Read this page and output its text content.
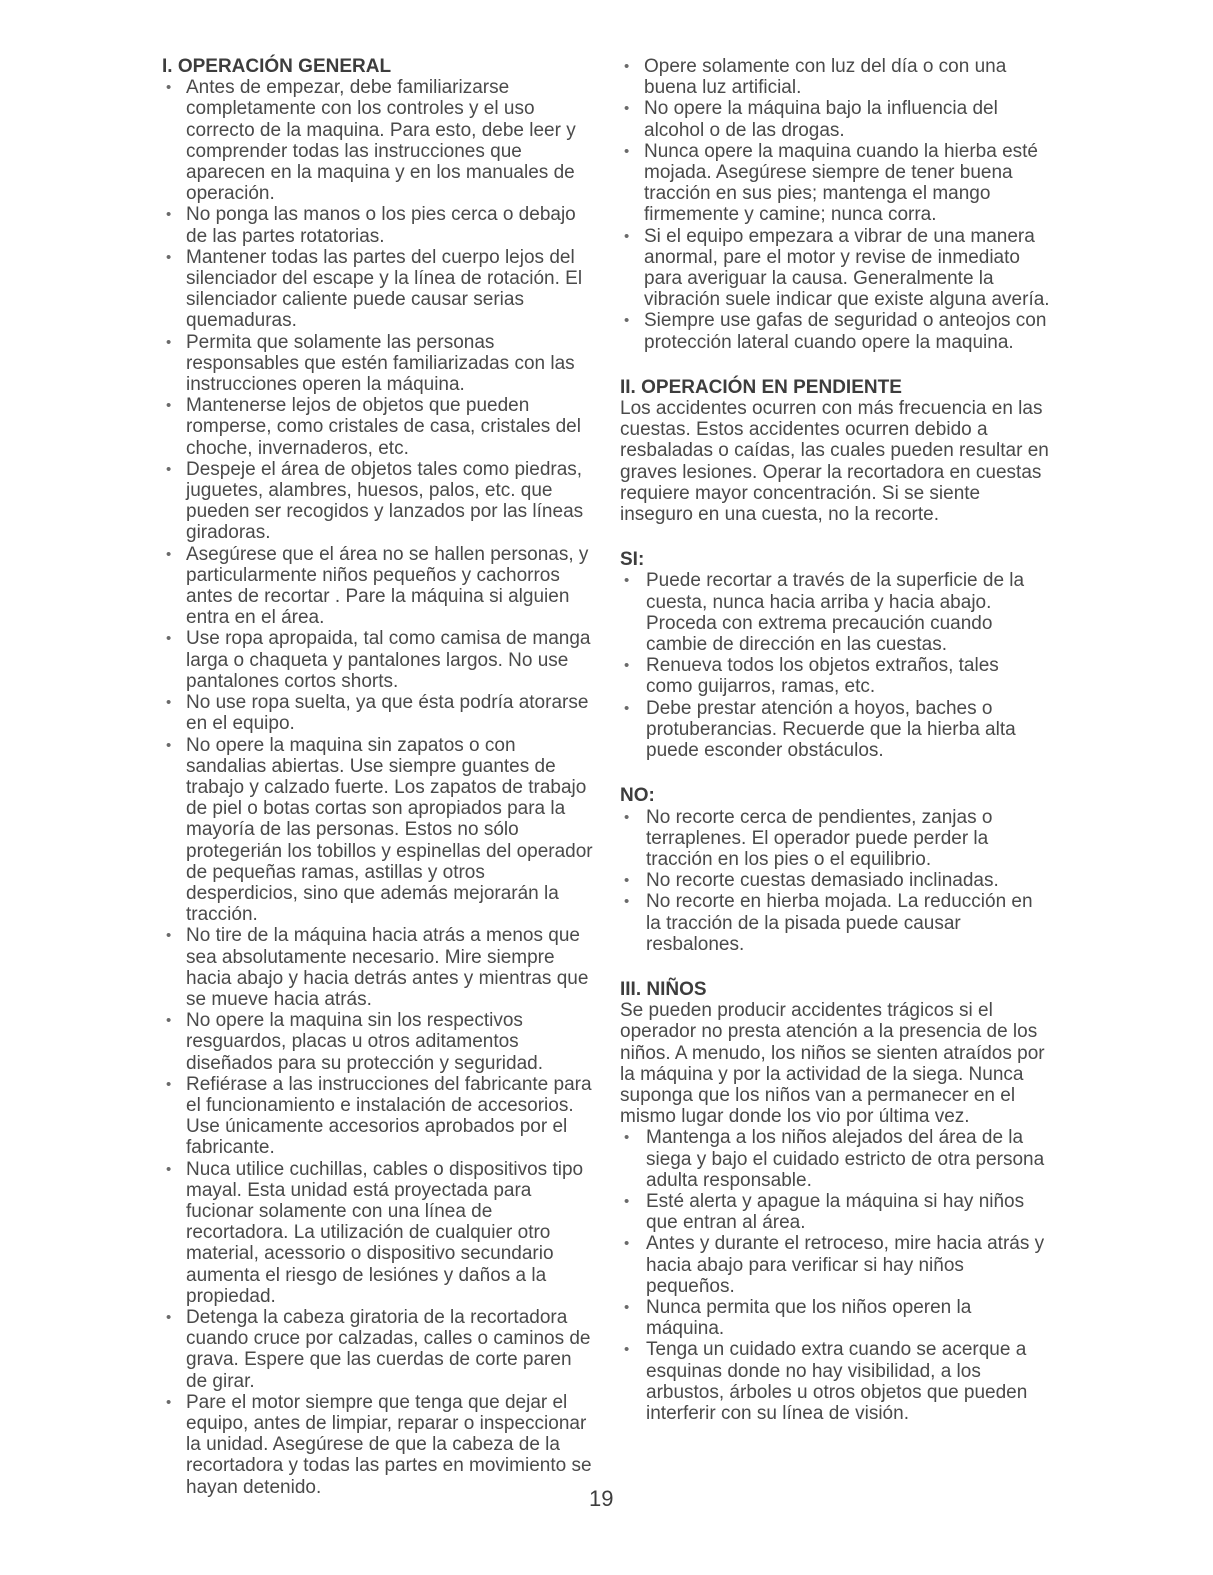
I. OPERACIÓN GENERAL
• Antes de empezar, debe familiarizarse completamente con los controles y el uso correcto de la maquina. Para esto, debe leer y comprender todas las instrucciones que aparecen en la maquina y en los manuales de operación.
• No ponga las manos o los pies cerca o debajo de las partes rotatorias.
• Mantener todas las partes del cuerpo lejos del silenciador del escape y la línea de rotación. El silenciador caliente puede causar serias quemaduras.
• Permita que solamente las personas responsables que estén familiarizadas con las instrucciones operen la máquina.
• Mantenerse lejos de objetos que pueden romperse, como cristales de casa, cristales del choche, invernaderos, etc.
• Despeje el área de objetos tales como piedras, juguetes, alambres, huesos, palos, etc. que pueden ser recogidos y lanzados por las líneas giradoras.
• Asegúrese que el área no se hallen personas, y particularmente niños pequeños y cachorros antes de recortar . Pare la máquina si alguien entra en el área.
• Use ropa apropaida, tal como camisa de manga larga o chaqueta y pantalones largos. No use pantalones cortos shorts.
• No use ropa suelta, ya que ésta podría atorarse en el equipo.
• No opere la maquina sin zapatos o con sandalias abiertas. Use siempre guantes de trabajo y calzado fuerte. Los zapatos de trabajo de piel o botas cortas son apropiados para la mayoría de las personas. Estos no sólo protegerián los tobillos y espinellas del operador de pequeñas ramas, astillas y otros desperdicios, sino que además mejorarán la tracción.
• No tire de la máquina hacia atrás a menos que sea absolutamente necesario. Mire siempre hacia abajo y hacia detrás antes y mientras que se mueve hacia atrás.
• No opere la maquina sin los respectivos resguardos, placas u otros aditamentos diseñados para su protección y seguridad.
• Refiérase a las instrucciones del fabricante para el funcionamiento e instalación de accesorios. Use únicamente accesorios aprobados por el fabricante.
• Nuca utilice cuchillas, cables o dispositivos tipo mayal. Esta unidad está proyectada para fucionar solamente con una línea de recortadora. La utilización de cualquier otro material, acessorio o dispositivo secundario aumenta el riesgo de lesiónes y daños a la propiedad.
• Detenga la cabeza giratoria de la recortadora cuando cruce por calzadas, calles o caminos de grava. Espere que las cuerdas de corte paren de girar.
• Pare el motor siempre que tenga que dejar el equipo, antes de limpiar, reparar o inspeccionar la unidad. Asegúrese de que la cabeza de la recortadora y todas las partes en movimiento se hayan detenido.
• Opere solamente con luz del día o con una buena luz artificial.
• No opere la máquina bajo la influencia del alcohol o de las drogas.
• Nunca opere la maquina cuando la hierba esté mojada. Asegúrese siempre de tener buena tracción en sus pies; mantenga el mango firmemente y camine; nunca corra.
• Si el equipo empezara a vibrar de una manera anormal, pare el motor y revise de inmediato para averiguar la causa. Generalmente la vibración suele indicar que existe alguna avería.
• Siempre use gafas de seguridad o anteojos con protección lateral cuando opere la maquina.
II. OPERACIÓN EN PENDIENTE

Los accidentes ocurren con más frecuencia en las cuestas. Estos accidentes ocurren debido a resbaladas o caídas, las cuales pueden resultar en graves lesiones. Operar la recortadora en cuestas requiere mayor concentración. Si se siente inseguro en una cuesta, no la recorte.

SI:
• Puede recortar a través de la superficie de la cuesta, nunca hacia arriba y hacia abajo. Proceda con extrema precaución cuando cambie de dirección en las cuestas.
• Renueva todos los objetos extraños, tales como guijarros, ramas, etc.
• Debe prestar atención a hoyos, baches o protuberancias. Recuerde que la hierba alta puede esconder obstáculos.
NO:
• No recorte cerca de pendientes, zanjas o terraplenes. El operador puede perder la tracción en los pies o el equilibrio.
• No recorte cuestas demasiado inclinadas.
• No recorte en hierba mojada. La reducción en la tracción de la pisada puede causar resbalones.
III. NIÑOS

Se pueden producir accidentes trágicos si el operador no presta atención a la presencia de los niños. A menudo, los niños se sienten atraídos por la máquina y por la actividad de la siega. Nunca suponga que los niños van a permanecer en el mismo lugar donde los vio por última vez.

• Mantenga a los niños alejados del área de la siega y bajo el cuidado estricto de otra persona adulta responsable.
• Esté alerta y apague la máquina si hay niños que entran al área.
• Antes y durante el retroceso, mire hacia atrás y hacia abajo para verificar si hay niños pequeños.
• Nunca permita que los niños operen la máquina.
• Tenga un cuidado extra cuando se acerque a esquinas donde no hay visibilidad, a los arbustos, árboles u otros objetos que pueden interferir con su línea de visión.
19
